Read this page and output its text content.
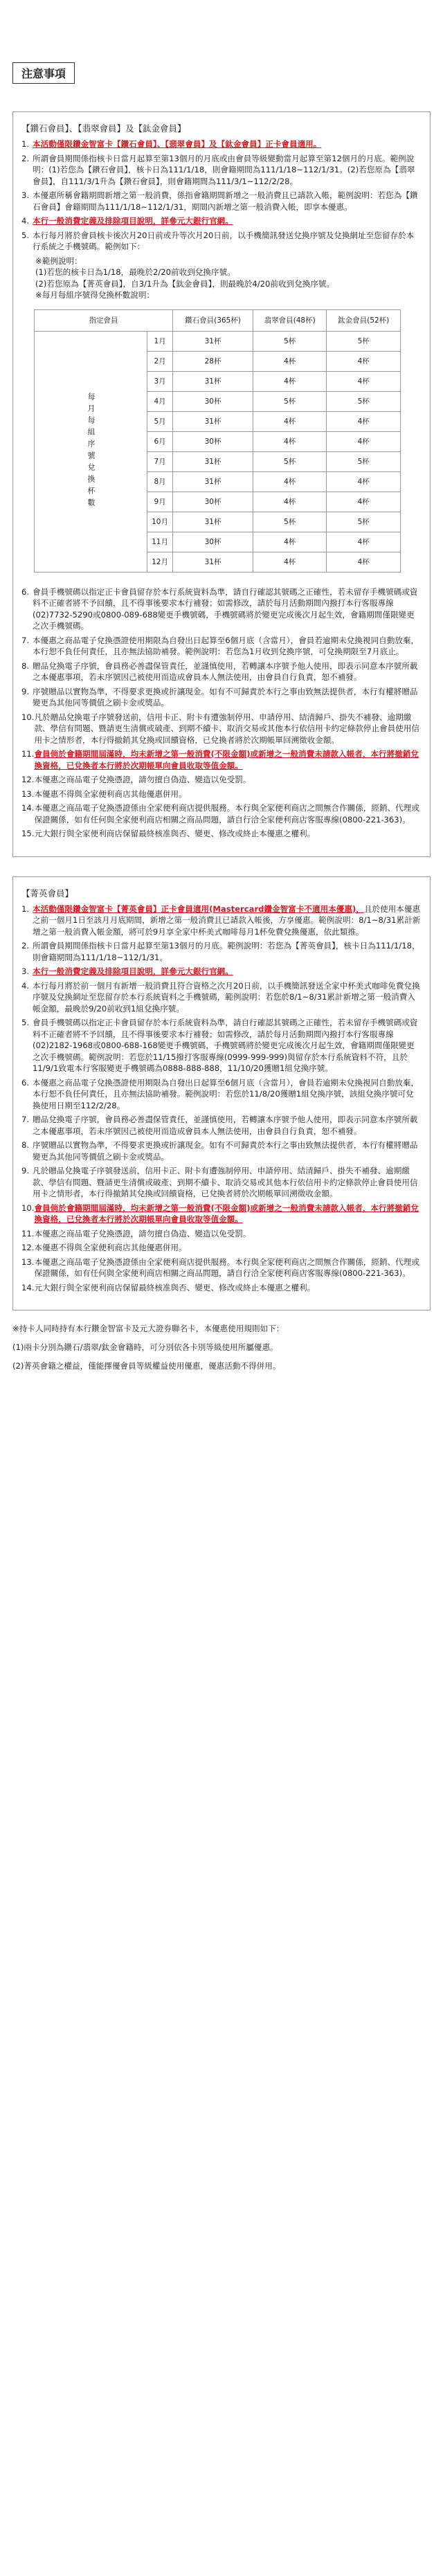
注意事項
【鑽石會員】、【翡翠會員】及【鈦金會員】
1. 本活動僅限鑽金智富卡【鑽石會員】、【翡翠會員】及【鈦金會員】正卡會員適用。
2. 所謂會員期間係指核卡日當月起算至第13個月的月底或由會員等級變動當月起算至第12個月的月底。範例說明：(1)若您為【鑽石會員】，核卡日為111/1/18，則會籍期間為111/1/18~112/1/31。(2)若您原為【翡翠會員】，自111/3/1升為【鑽石會員】，則會籍期間為111/3/1~112/2/28。
3. 本優惠所稱會籍期間新增之第一般消費，係指會籍期間新增之一般消費且已請款入帳，範例說明：若您為【鑽石會員】會籍期間為111/1/18~112/1/31，期間內新增之第一般消費入帳，即享本優惠。
4. 本行一般消費定義及排除項目說明，詳參元大銀行官網。
5. 本行每月將於會員核卡後次月20日前或升等次月20日前，以手機簡訊發送兌換序號及兌換網址至您留存於本行系統之手機號碼。範例如下：
※範例說明：
(1)若您的核卡日為1/18，最晚於2/20前收到兌換序號。
(2)若您原為【菁英會員】，自3/1升為【鈦金會員】，則最晚於4/20前收到兌換序號。
※每月每組序號得兌換杯數說明：
指定會員		鑽石會員(365杯)	翡翠會員(48杯)	鈦金會員(52杯)
每月每組序號兌換杯數	1月	31杯	5杯	5杯
	2月	28杯	4杯	4杯
	3月	31杯	4杯	4杯
	4月	30杯	5杯	5杯
	5月	31杯	4杯	4杯
	6月	30杯	4杯	4杯
	7月	31杯	5杯	5杯
	8月	31杯	4杯	4杯
	9月	30杯	4杯	4杯
	10月	31杯	5杯	5杯
	11月	30杯	4杯	4杯
	12月	31杯	4杯	4杯
6. 會員手機號碼以指定正卡會員留存於本行系統資料為準，請自行確認其號碼之正確性，若未留存手機號碼或資料不正確者將不予回饋，且不得事後要求本行補發；如需修改，請於每月活動期間內撥打本行客服專線(02)7732-5290或0800-089-688變更手機號碼，手機號碼將於變更完成後次月起生效，會籍期間僅限變更之次手機號碼。
7. 本優惠之商品電子兌換憑證使用期限為自發出日起算至6個月底（含當月），會員若逾期未兌換視同自動放棄，本行恕不負任何責任，且亦無法協助補發。範例說明：若您為1月收到兌換序號，可兌換期限至7月底止。
8. 贈品兌換電子序號，會員務必善盡保管責任，並謹慎使用，若轉讓本序號予他人使用，即表示同意本序號所載之本優惠事項，若未序號因己被使用而造成會員本人無法使用，由會員自行負責，恕不補發。
9. 序號贈品以實物為準，不得要求更換或折讓現金。如有不可歸責於本行之事由致無法提供者，本行有權將贈品變更為其他同等價值之刷卡金或獎品。
10. 凡於贈品兌換電子序號發送前，信用卡正、附卡有遭強制停用、申請停用、結清歸戶、掛失不補發、逾期繳款、學信有問題、暨請更生清償或破產、到期不續卡、取消交易或其他本行依信用卡約定條款停止會員使用信用卡之情形者，本行得撤銷其兌換或回饋資格，已兌換者將於次期帳單回溯徵收金額。
11. 會員倘於會籍期間屆滿時，均未新增之第一般消費(不限金額)或新增之一般消費未請款入帳者，本行將撤銷兌換資格，已兌換者本行將於次期帳單向會員收取等值金額。
12. 本優惠之商品電子兌換憑證，請勿擅自偽造、變造以免受罰。
13. 本優惠不得與全家便利商店其他優惠併用。
14. 本優惠之商品電子兌換憑證係由全家便利商店提供服務。本行與全家便利商店之間無合作關係，經銷、代理或保證關係，如有任何與全家便利商店相關之商品問題，請自行洽全家便利商店客服專線(0800-221-363)。
15. 元大銀行與全家便利商店保留最終核准與否、變更、修改或終止本優惠之權利。
【菁英會員】
1. 本活動僅限鑽金智富卡【菁英會員】正卡會員適用(Mastercard鑽金智富卡不適用本優惠)，且於使用本優惠之前一個月1日至該月月底期間，新增之第一般消費且已請款入帳後，方享優惠。範例說明：8/1~8/31累計新增之第一般消費入帳金額，將可於9月享全家中杯美式咖啡每月1杯免費兌換優惠，依此類推。
2. 所謂會員期間係指核卡日當月起算至第13個月的月底。範例說明：若您為【菁英會員】，核卡日為111/1/18，則會籍期間為111/1/18~112/1/31。
3. 本行一般消費定義及排除項目說明，詳參元大銀行官網。
4. 本行每月將於前一個月有新增一般消費且符合資格之次月20日前，以手機簡訊發送全家中杯美式咖啡免費兌換序號及兌換網址至您留存於本行系統資料之手機號碼，範例說明：若您於8/1~8/31累計新增之第一般消費入帳金額，最晚於9/20前收到1組兌換序號。
5. 會員手機號碼以指定正卡會員留存於本行系統資料為準，請自行確認其號碼之正確性，若未留存手機號碼或資料不正確者將不予回饋，且不得事後要求本行補發；如需修改，請於每月活動期間內撥打本行客服專線(02)2182-1968或0800-688-168變更手機號碼，手機號碼將於變更完成後次月起生效，會籍期間僅限變更之次手機號碼。範例說明：若您於11/15撥打客服專線(0999-999-999)與留存於本行系統資料不符，且於11/9/1致電本行客服變更手機號碼為0888-888-888，11/10/20獲贈1組兌換序號。
6. 本優惠之商品電子兌換憑證使用期限為自發出日起算至6個月底（含當月），會員若逾期未兌換視同自動放棄，本行恕不負任何責任，且亦無法協助補發。範例說明：若您於11/8/20獲贈1組兌換序號，該組兌換序號可兌換使用日期至112/2/28。
7. 贈品兌換電子序號，會員務必善盡保管責任，並謹慎使用，若轉讓本序號予他人使用，即表示同意本序號所載之本優惠事項，若未序號因己被使用而造成會員本人無法使用，由會員自行負責，恕不補發。
8. 序號贈品以實物為準，不得要求更換或折讓現金。如有不可歸責於本行之事由致無法提供者，本行有權將贈品變更為其他同等價值之刷卡金或獎品。
9. 凡於贈品兌換電子序號發送前，信用卡正、附卡有遭強制停用、申請停用、結清歸戶、掛失不補發、逾期繳款、學信有問題、暨請更生清償或破產、到期不續卡、取消交易或其他本行依信用卡約定條款停止會員使用信用卡之情形者，本行得撤銷其兌換或回饋資格，已兌換者將於次期帳單回溯徵收金額。
10. 會員倘於會籍期間屆滿時，均未新增之第一般消費(不限金額)或新增之一般消費未請款入帳者，本行將撤銷兌換資格，已兌換者本行將於次期帳單向會員收取等值金額。
11. 本優惠之商品電子兌換憑證，請勿擅自偽造、變造以免受罰。
12. 本優惠不得與全家便利商店其他優惠併用。
13. 本優惠之商品電子兌換憑證係由全家便利商店提供服務。本行與全家便利商店之間無合作關係，經銷、代理或保證關係，如有任何與全家便利商店相關之商品問題，請自行洽全家便利商店客服專線(0800-221-363)。
14. 元大銀行與全家便利商店保留最終核准與否、變更、修改或終止本優惠之權利。

※持卡人同時持有本行鑽金智富卡及元大證券聯名卡，本優惠使用規則如下：

(1)兩卡分別為鑽石/翡翠/鈦金會籍時，可分別依各卡別等級使用所屬優惠。

(2)菁英會籍之權益，僅能擇優會員等級權益使用優惠，優惠活動不得併用。
